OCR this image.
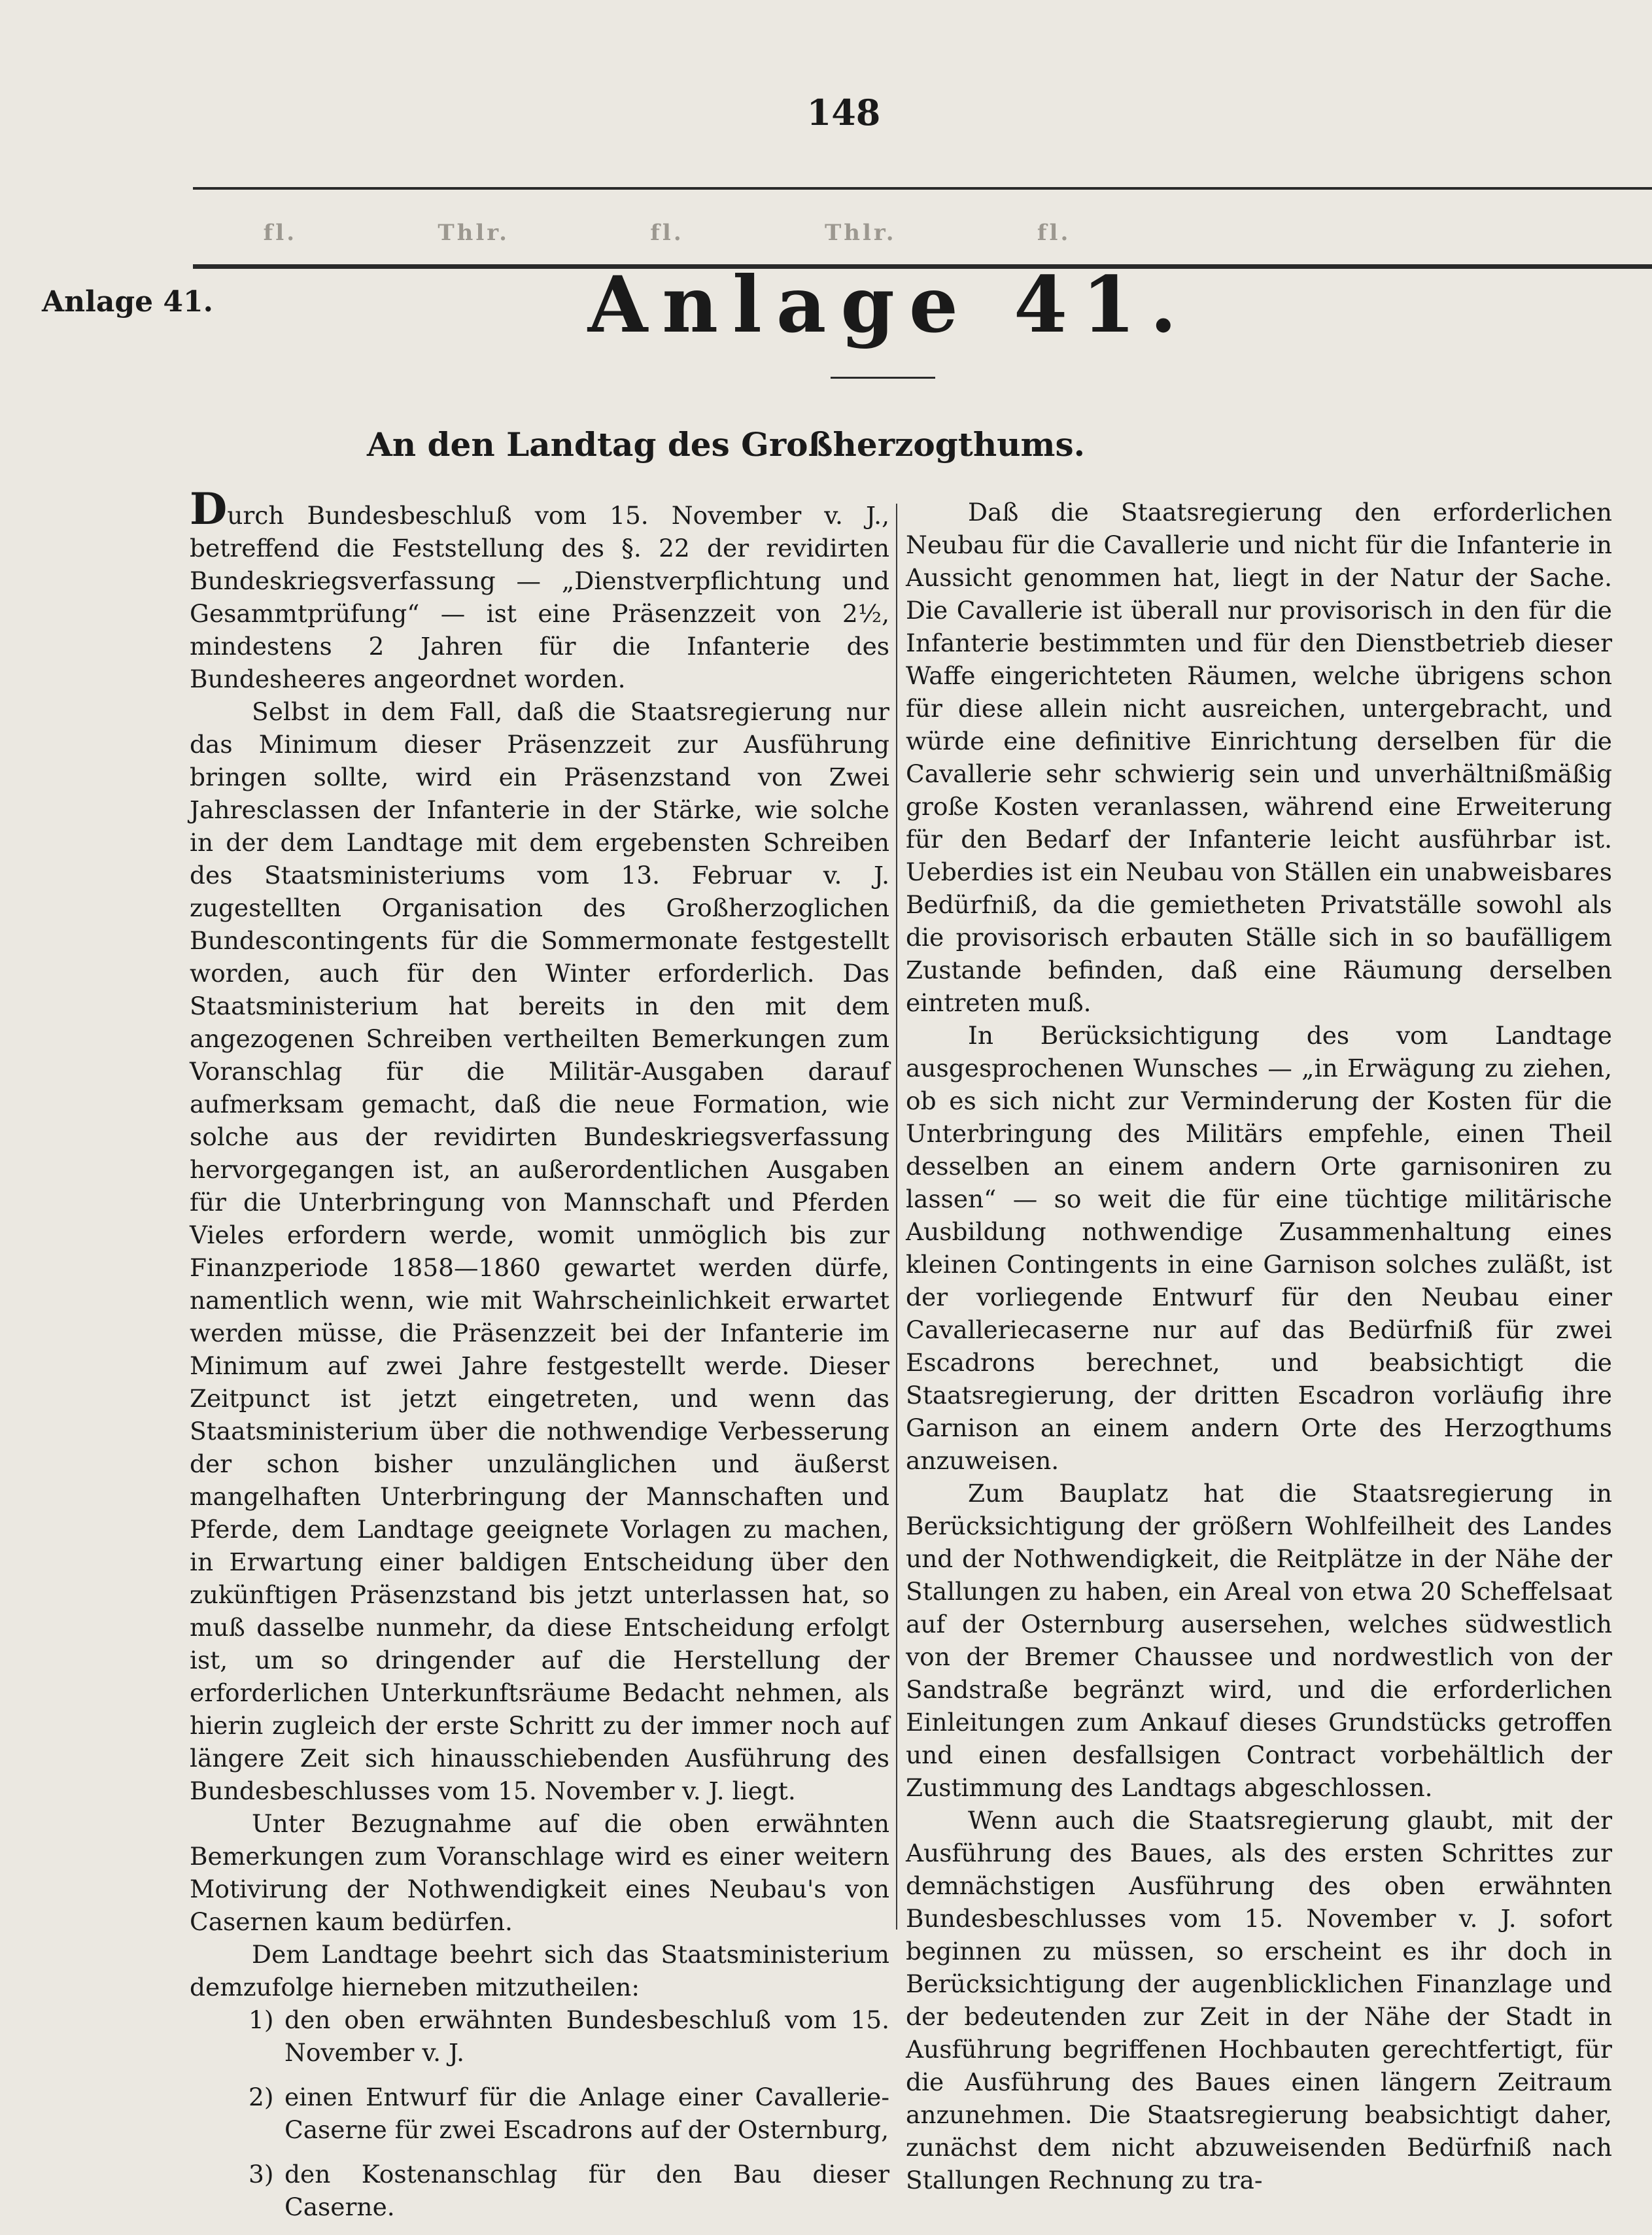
148
fl.	Thlr.	fl.	Thlr.	fl.
Anlage 41.	Anlage 41.
An den Landtag des Großherzogthums.

Durch Bundesbeschluß vom 15. November v. J., betreffend die Feststellung des §. 22 der revidirten Bundeskriegsverfassung — „Dienstverpflichtung und Gesammtprüfung“ — ist eine Präsenzzeit von 2½, mindestens 2 Jahren für die Infanterie des Bundesheeres angeordnet worden.

Selbst in dem Fall, daß die Staatsregierung nur das Minimum dieser Präsenzzeit zur Ausführung bringen sollte, wird ein Präsenzstand von Zwei Jahresclassen der Infanterie in der Stärke, wie solche in der dem Landtage mit dem ergebensten Schreiben des Staatsministeriums vom 13. Februar v. J. zugestellten Organisation des Großherzoglichen Bundescontingents für die Sommermonate festgestellt worden, auch für den Winter erforderlich. Das Staatsministerium hat bereits in den mit dem angezogenen Schreiben vertheilten Bemerkungen zum Voranschlag für die Militär-Ausgaben darauf aufmerksam gemacht, daß die neue Formation, wie solche aus der revidirten Bundeskriegsverfassung hervorgegangen ist, an außerordentlichen Ausgaben für die Unterbringung von Mannschaft und Pferden Vieles erfordern werde, womit unmöglich bis zur Finanzperiode 1858—1860 gewartet werden dürfe, namentlich wenn, wie mit Wahrscheinlichkeit erwartet werden müsse, die Präsenzzeit bei der Infanterie im Minimum auf zwei Jahre festgestellt werde. Dieser Zeitpunct ist jetzt eingetreten, und wenn das Staatsministerium über die nothwendige Verbesserung der schon bisher unzulänglichen und äußerst mangelhaften Unterbringung der Mannschaften und Pferde, dem Landtage geeignete Vorlagen zu machen, in Erwartung einer baldigen Entscheidung über den zukünftigen Präsenzstand bis jetzt unterlassen hat, so muß dasselbe nunmehr, da diese Entscheidung erfolgt ist, um so dringender auf die Herstellung der erforderlichen Unterkunftsräume Bedacht nehmen, als hierin zugleich der erste Schritt zu der immer noch auf längere Zeit sich hinausschiebenden Ausführung des Bundesbeschlusses vom 15. November v. J. liegt.

Unter Bezugnahme auf die oben erwähnten Bemerkungen zum Voranschlage wird es einer weitern Motivirung der Nothwendigkeit eines Neubau's von Casernen kaum bedürfen.

Dem Landtage beehrt sich das Staatsministerium demzufolge hierneben mitzutheilen:

1) den oben erwähnten Bundesbeschluß vom 15. November v. J.
2) einen Entwurf für die Anlage einer Cavallerie-Caserne für zwei Escadrons auf der Osternburg,
3) den Kostenanschlag für den Bau dieser Caserne.

Daß die Staatsregierung den erforderlichen Neubau für die Cavallerie und nicht für die Infanterie in Aussicht genommen hat, liegt in der Natur der Sache. Die Cavallerie ist überall nur provisorisch in den für die Infanterie bestimmten und für den Dienstbetrieb dieser Waffe eingerichteten Räumen, welche übrigens schon für diese allein nicht ausreichen, untergebracht, und würde eine definitive Einrichtung derselben für die Cavallerie sehr schwierig sein und unverhältnißmäßig große Kosten veranlassen, während eine Erweiterung für den Bedarf der Infanterie leicht ausführbar ist. Ueberdies ist ein Neubau von Ställen ein unabweisbares Bedürfniß, da die gemietheten Privatställe sowohl als die provisorisch erbauten Ställe sich in so baufälligem Zustande befinden, daß eine Räumung derselben eintreten muß.

In Berücksichtigung des vom Landtage ausgesprochenen Wunsches — „in Erwägung zu ziehen, ob es sich nicht zur Verminderung der Kosten für die Unterbringung des Militärs empfehle, einen Theil desselben an einem andern Orte garnisoniren zu lassen“ — so weit die für eine tüchtige militärische Ausbildung nothwendige Zusammenhaltung eines kleinen Contingents in eine Garnison solches zuläßt, ist der vorliegende Entwurf für den Neubau einer Cavalleriecaserne nur auf das Bedürfniß für zwei Escadrons berechnet, und beabsichtigt die Staatsregierung, der dritten Escadron vorläufig ihre Garnison an einem andern Orte des Herzogthums anzuweisen.

Zum Bauplatz hat die Staatsregierung in Berücksichtigung der größern Wohlfeilheit des Landes und der Nothwendigkeit, die Reitplätze in der Nähe der Stallungen zu haben, ein Areal von etwa 20 Scheffelsaat auf der Osternburg ausersehen, welches südwestlich von der Bremer Chaussee und nordwestlich von der Sandstraße begränzt wird, und die erforderlichen Einleitungen zum Ankauf dieses Grundstücks getroffen und einen desfallsigen Contract vorbehältlich der Zustimmung des Landtags abgeschlossen.

Wenn auch die Staatsregierung glaubt, mit der Ausführung des Baues, als des ersten Schrittes zur demnächstigen Ausführung des oben erwähnten Bundesbeschlusses vom 15. November v. J. sofort beginnen zu müssen, so erscheint es ihr doch in Berücksichtigung der augenblicklichen Finanzlage und der bedeutenden zur Zeit in der Nähe der Stadt in Ausführung begriffenen Hochbauten gerechtfertigt, für die Ausführung des Baues einen längern Zeitraum anzunehmen. Die Staatsregierung beabsichtigt daher, zunächst dem nicht abzuweisenden Bedürfniß nach Stallungen Rechnung zu tra-
